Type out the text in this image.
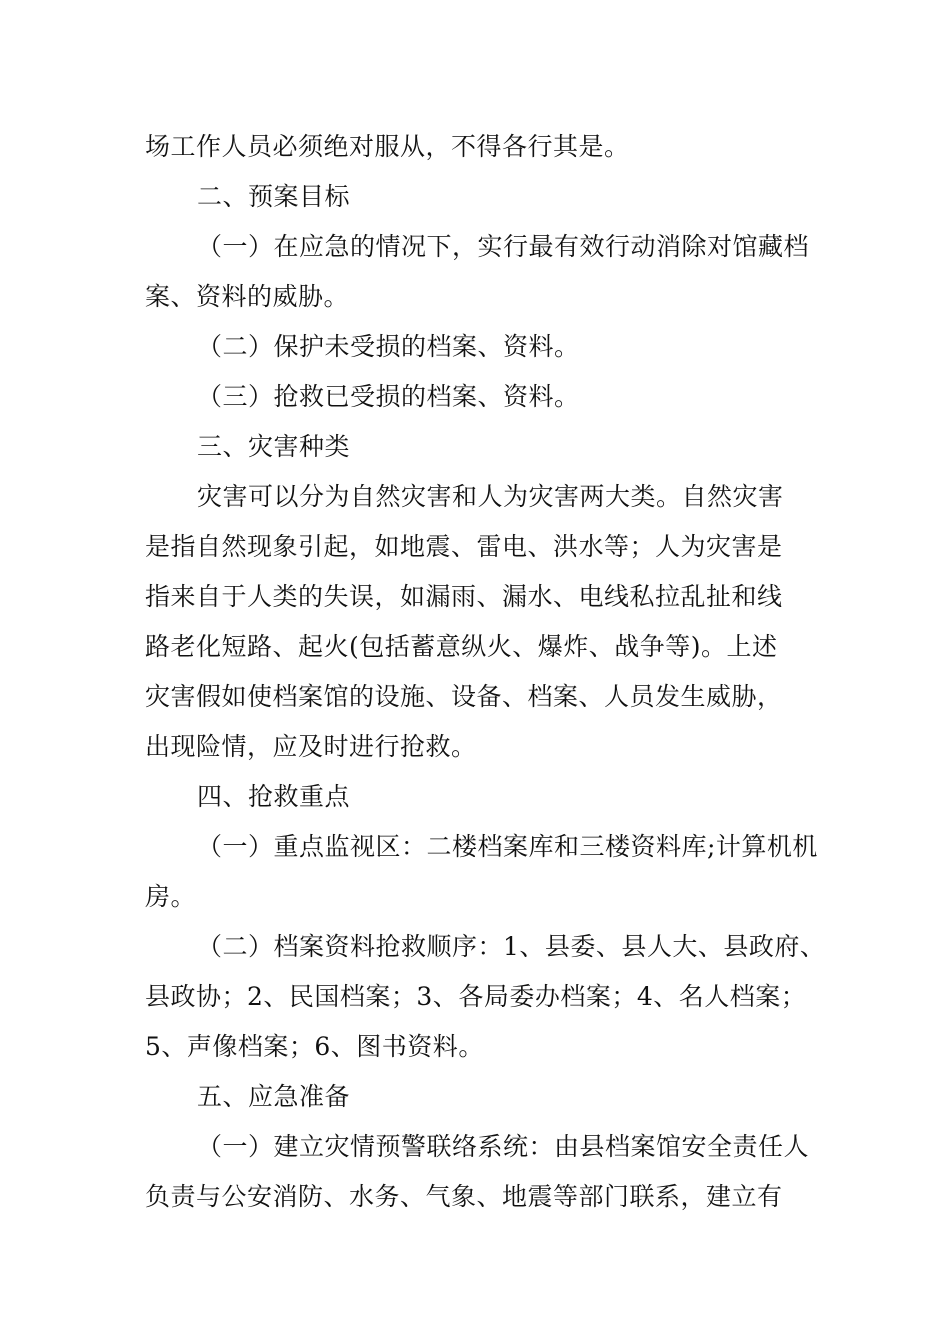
场工作人员必须绝对服从，不得各行其是。
二、预案目标
（一）在应急的情况下，实行最有效行动消除对馆藏档
案、资料的威胁。
（二）保护未受损的档案、资料。
（三）抢救已受损的档案、资料。
三、灾害种类
灾害可以分为自然灾害和人为灾害两大类。自然灾害
是指自然现象引起，如地震、雷电、洪水等；人为灾害是
指来自于人类的失误，如漏雨、漏水、电线私拉乱扯和线
路老化短路、起火(包括蓄意纵火、爆炸、战争等)。上述
灾害假如使档案馆的设施、设备、档案、人员发生威胁，
出现险情，应及时进行抢救。
四、抢救重点
（一）重点监视区：二楼档案库和三楼资料库;计算机机
房。
（二）档案资料抢救顺序：1、县委、县人大、县政府、
县政协；2、民国档案；3、各局委办档案；4、名人档案；
5、声像档案；6、图书资料。
五、应急准备
（一）建立灾情预警联络系统：由县档案馆安全责任人
负责与公安消防、水务、气象、地震等部门联系，建立有
